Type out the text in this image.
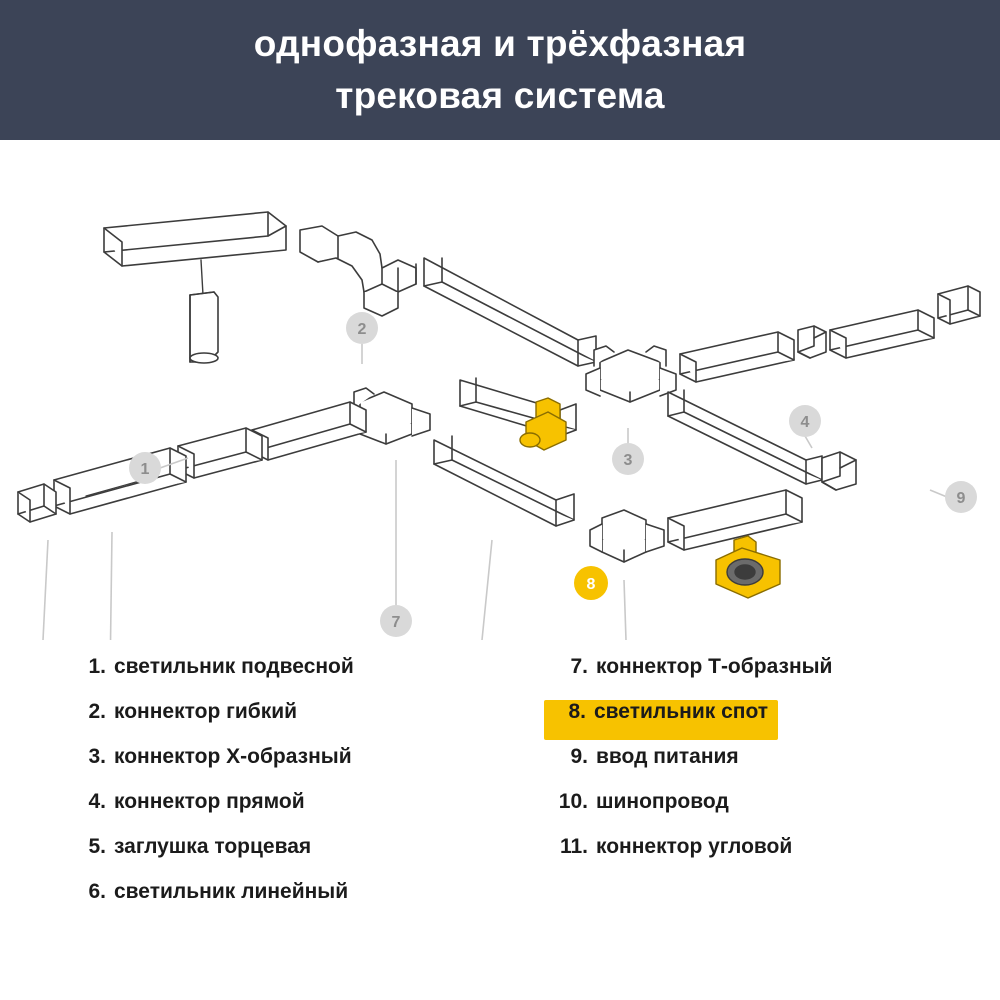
однофазная и трёхфазная
трековая система
1
2
3
4
7
8
9
1. светильник подвесной
2. коннектор гибкий
3. коннектор X-образный
4. коннектор прямой
5. заглушка торцевая
6. светильник линейный
7. коннектор Т-образный
8. светильник спот
9. ввод питания
10. шинопровод
11. коннектор угловой
